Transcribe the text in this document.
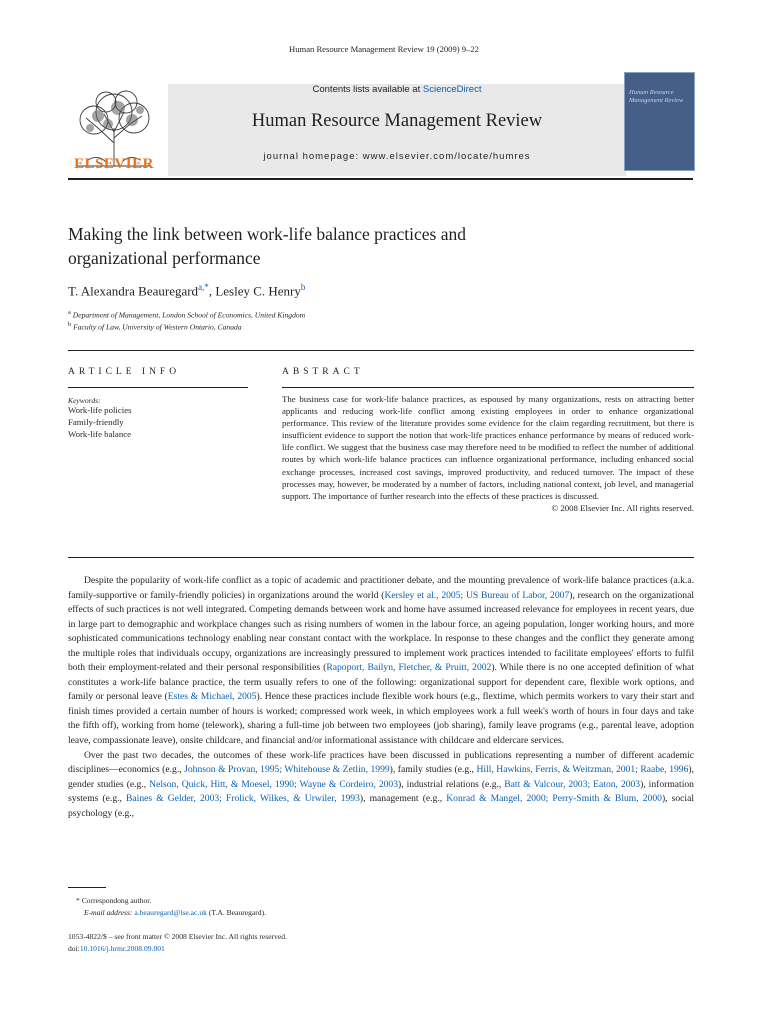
Human Resource Management Review 19 (2009) 9–22
ELSEVIER
Contents lists available at ScienceDirect
Human Resource Management Review
journal homepage: www.elsevier.com/locate/humres
Human Resource Management Review
Making the link between work-life balance practices and
organizational performance
T. Alexandra Beauregard$^{a,*}$, Lesley C. Henry$^b$
$^a$ Department of Management, London School of Economics, United Kingdom
$^b$ Faculty of Law, University of Western Ontario, Canada
ARTICLE INFO
Keywords:
Work-life policies
Family-friendly
Work-life balance
ABSTRACT
The business case for work-life balance practices, as espoused by many organizations, rests on attracting better applicants and reducing work-life conflict among existing employees in order to enhance organizational performance. This review of the literature provides some evidence for the claim regarding recruitment, but there is insufficient evidence to support the notion that work-life practices enhance performance by means of reduced work-life conflict. We suggest that the business case may therefore need to be modified to reflect the number of additional routes by which work-life balance practices can influence organizational performance, including enhanced social exchange processes, increased cost savings, improved productivity, and reduced turnover. The impact of these processes may, however, be moderated by a number of factors, including national context, job level, and managerial support. The importance of further research into the effects of these practices is discussed.
© 2008 Elsevier Inc. All rights reserved.

Despite the popularity of work-life conflict as a topic of academic and practitioner debate, and the mounting prevalence of work-life balance practices (a.k.a. family-supportive or family-friendly policies) in organizations around the world (Kersley et al., 2005; US Bureau of Labor, 2007), research on the organizational effects of such practices is not well integrated. Competing demands between work and home have assumed increased relevance for employees in recent years, due in large part to demographic and workplace changes such as rising numbers of women in the labour force, an ageing population, longer working hours, and more sophisticated communications technology enabling near constant contact with the workplace. In response to these changes and the conflict they generate among the multiple roles that individuals occupy, organizations are increasingly pressured to implement work practices intended to facilitate employees' efforts to fulfil both their employment-related and their personal responsibilities (Rapoport, Bailyn, Fletcher, & Pruitt, 2002). While there is no one accepted definition of what constitutes a work-life balance practice, the term usually refers to one of the following: organizational support for dependent care, flexible work options, and family or personal leave (Estes & Michael, 2005). Hence these practices include flexible work hours (e.g., flextime, which permits workers to vary their start and finish times provided a certain number of hours is worked; compressed work week, in which employees work a full week's worth of hours in four days and take the fifth off), working from home (telework), sharing a full-time job between two employees (job sharing), family leave programs (e.g., parental leave, adoption leave, compassionate leave), onsite childcare, and financial and/or informational assistance with childcare and eldercare services.

Over the past two decades, the outcomes of these work-life practices have been discussed in publications representing a number of different academic disciplines—economics (e.g., Johnson & Provan, 1995; Whitehouse & Zetlin, 1999), family studies (e.g., Hill, Hawkins, Ferris, & Weitzman, 2001; Raabe, 1996), gender studies (e.g., Nelson, Quick, Hitt, & Moesel, 1990; Wayne & Cordeiro, 2003), industrial relations (e.g., Batt & Valcour, 2003; Eaton, 2003), information systems (e.g., Baines & Gelder, 2003; Frolick, Wilkes, & Urwiler, 1993), management (e.g., Konrad & Mangel, 2000; Perry-Smith & Blum, 2000), social psychology (e.g.,

* Correspondong author.
E-mail address: a.beauregard@lse.ac.uk (T.A. Beauregard).
1053-4822/$ – see front matter © 2008 Elsevier Inc. All rights reserved.
doi:10.1016/j.hrmr.2008.09.001
